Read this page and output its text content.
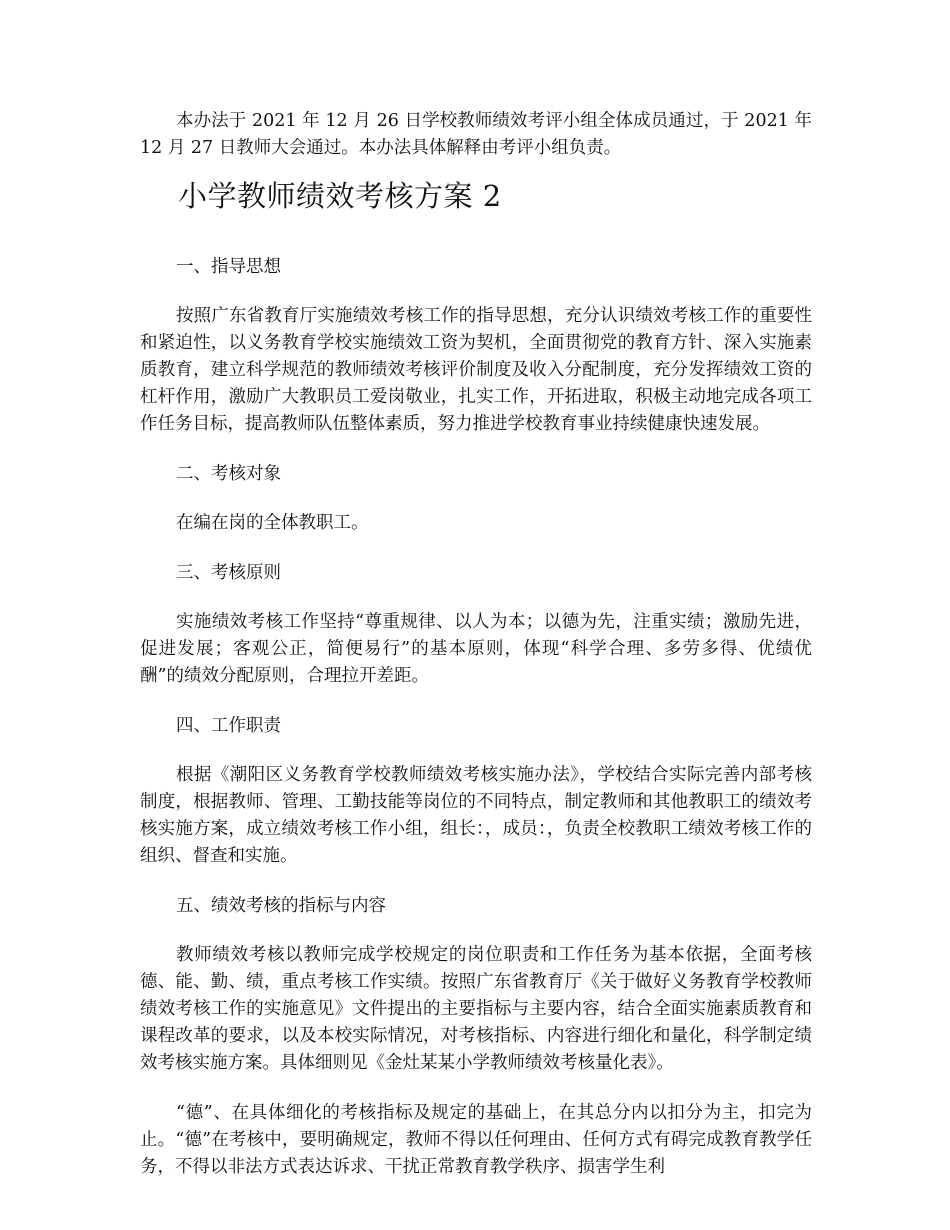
本办法于 2021 年 12 月 26 日学校教师绩效考评小组全体成员通过，于 2021 年 12 月 27 日教师大会通过。本办法具体解释由考评小组负责。

小学教师绩效考核方案 2

一、指导思想

按照广东省教育厅实施绩效考核工作的指导思想，充分认识绩效考核工作的重要性和紧迫性，以义务教育学校实施绩效工资为契机，全面贯彻党的教育方针、深入实施素质教育，建立科学规范的教师绩效考核评价制度及收入分配制度，充分发挥绩效工资的杠杆作用，激励广大教职员工爱岗敬业，扎实工作，开拓进取，积极主动地完成各项工作任务目标，提高教师队伍整体素质，努力推进学校教育事业持续健康快速发展。

二、考核对象

在编在岗的全体教职工。

三、考核原则

实施绩效考核工作坚持“尊重规律、以人为本；以德为先，注重实绩；激励先进，促进发展；客观公正，简便易行”的基本原则，体现“科学合理、多劳多得、优绩优酬”的绩效分配原则，合理拉开差距。

四、工作职责

根据《潮阳区义务教育学校教师绩效考核实施办法》，学校结合实际完善内部考核制度，根据教师、管理、工勤技能等岗位的不同特点，制定教师和其他教职工的绩效考核实施方案，成立绩效考核工作小组，组长：，成员：，负责全校教职工绩效考核工作的组织、督查和实施。

五、绩效考核的指标与内容

教师绩效考核以教师完成学校规定的岗位职责和工作任务为基本依据，全面考核德、能、勤、绩，重点考核工作实绩。按照广东省教育厅《关于做好义务教育学校教师绩效考核工作的实施意见》文件提出的主要指标与主要内容，结合全面实施素质教育和课程改革的要求，以及本校实际情况，对考核指标、内容进行细化和量化，科学制定绩效考核实施方案。具体细则见《金灶某某小学教师绩效考核量化表》。

“德”、在具体细化的考核指标及规定的基础上，在其总分内以扣分为主，扣完为止。“德”在考核中，要明确规定，教师不得以任何理由、任何方式有碍完成教育教学任务，不得以非法方式表达诉求、干扰正常教育教学秩序、损害学生利
